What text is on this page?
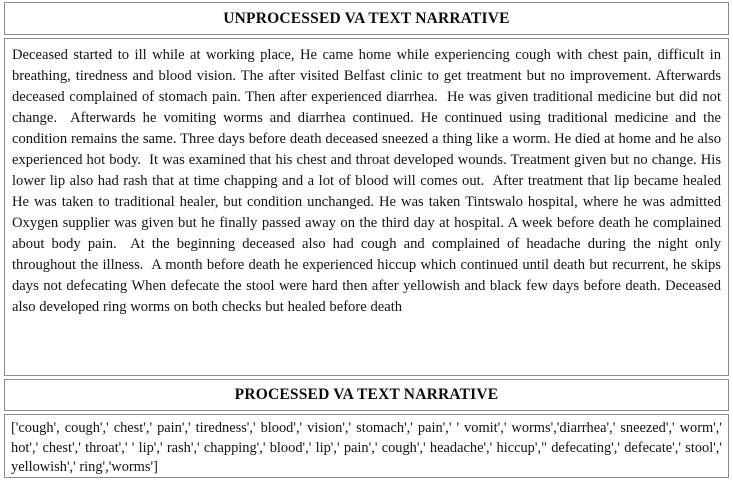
UNPROCESSED VA TEXT NARRATIVE
Deceased started to ill while at working place, He came home while experiencing cough with chest pain, difficult in breathing, tiredness and blood vision. The after visited Belfast clinic to get treatment but no improvement. Afterwards deceased complained of stomach pain. Then after experienced diarrhea.  He was given traditional medicine but did not change.  Afterwards he vomiting worms and diarrhea continued. He continued using traditional medicine and the condition remains the same. Three days before death deceased sneezed a thing like a worm. He died at home and he also experienced hot body.  It was examined that his chest and throat developed wounds. Treatment given but no change. His lower lip also had rash that at time chapping and a lot of blood will comes out.  After treatment that lip became healed He was taken to traditional healer, but condition unchanged. He was taken Tintswalo hospital, where he was admitted Oxygen supplier was given but he finally passed away on the third day at hospital. A week before death he complained about body pain.  At the beginning deceased also had cough and complained of headache during the night only throughout the illness.  A month before death he experienced hiccup which continued until death but recurrent, he skips days not defecating When defecate the stool were hard then after yellowish and black few days before death. Deceased also developed ring worms on both checks but healed before death
PROCESSED VA TEXT NARRATIVE
['cough', cough',' chest',' pain',' tiredness',' blood',' vision',' stomach',' pain',' ' vomit',' worms','diarrhea',' sneezed',' worm',' hot',' chest',' throat',' ' lip',' rash',' chapping',' blood',' lip',' pain',' cough',' headache',' hiccup'," defecating',' defecate',' stool',' yellowish',' ring','worms']
